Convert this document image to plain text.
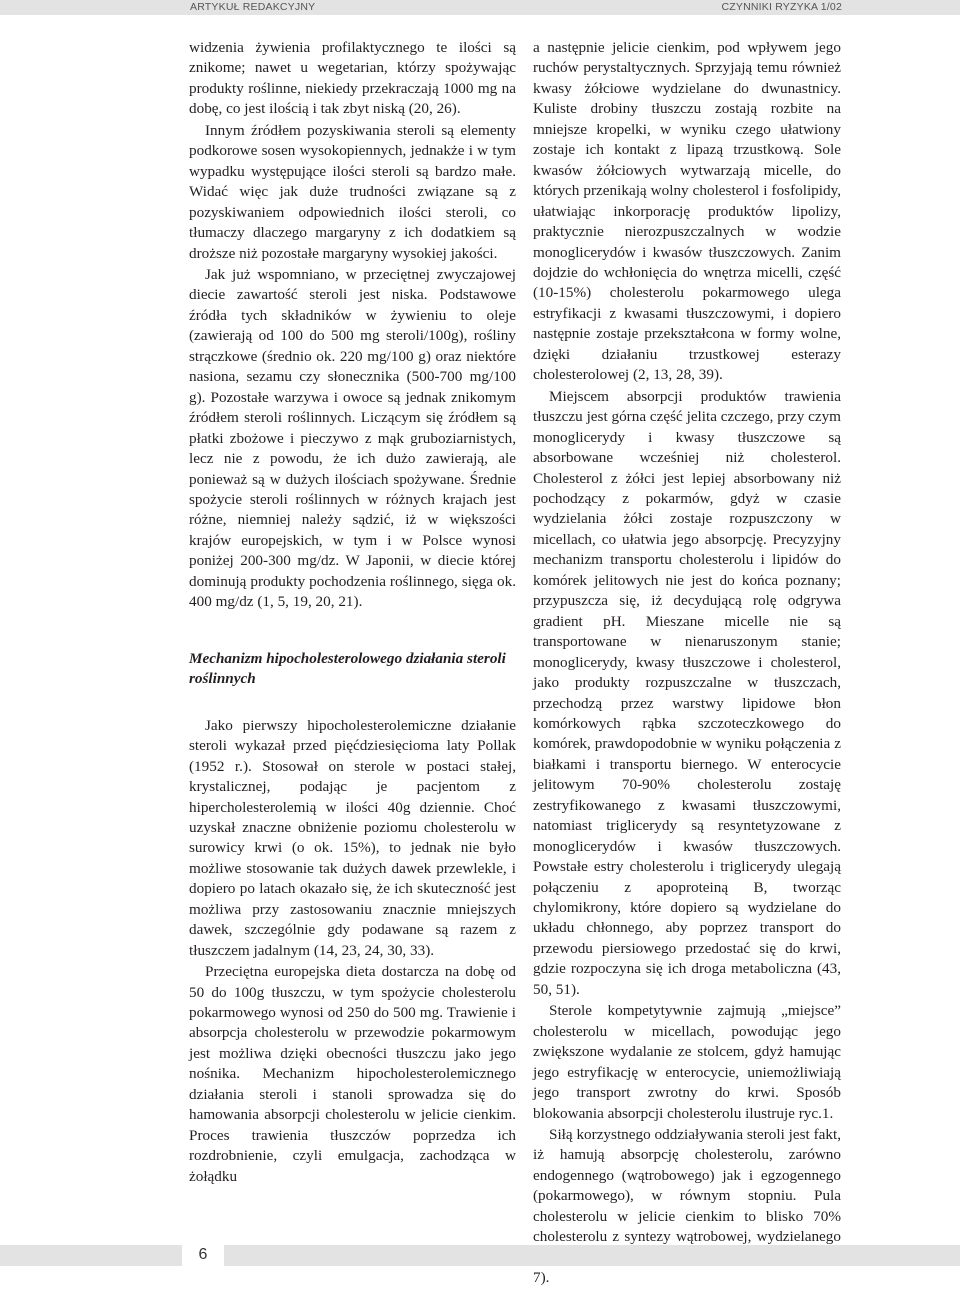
ARTYKUŁ REDAKCYJNY	CZYNNIKI RYZYKA 1/02

widzenia żywienia profilaktycznego te ilości są znikome; nawet u wegetarian, którzy spożywając produkty roślinne, niekiedy przekraczają 1000 mg na dobę, co jest ilością i tak zbyt niską (20, 26).

Innym źródłem pozyskiwania steroli są elementy podkorowe sosen wysokopiennych, jednakże i w tym wypadku występujące ilości steroli są bardzo małe. Widać więc jak duże trudności związane są z pozyskiwaniem odpowiednich ilości steroli, co tłumaczy dlaczego margaryny z ich dodatkiem są droższe niż pozostałe margaryny wysokiej jakości.

Jak już wspomniano, w przeciętnej zwyczajowej diecie zawartość steroli jest niska. Podstawowe źródła tych składników w żywieniu to oleje (zawierają od 100 do 500 mg steroli/100g), rośliny strączkowe (średnio ok. 220 mg/100 g) oraz niektóre nasiona, sezamu czy słonecznika (500-700 mg/100 g). Pozostałe warzywa i owoce są jednak znikomym źródłem steroli roślinnych. Liczącym się źródłem są płatki zbożowe i pieczywo z mąk gruboziarnistych, lecz nie z powodu, że ich dużo zawierają, ale ponieważ są w dużych ilościach spożywane. Średnie spożycie steroli roślinnych w różnych krajach jest różne, niemniej należy sądzić, iż w większości krajów europejskich, w tym i w Polsce wynosi poniżej 200-300 mg/dz. W Japonii, w diecie której dominują produkty pochodzenia roślinnego, sięga ok. 400 mg/dz (1, 5, 19, 20, 21).

Mechanizm hipocholesterolowego działania steroli roślinnych

Jako pierwszy hipocholesterolemiczne działanie steroli wykazał przed pięćdziesięcioma laty Pollak (1952 r.). Stosował on sterole w postaci stałej, krystalicznej, podając je pacjentom z hipercholesterolemią w ilości 40g dziennie. Choć uzyskał znaczne obniżenie poziomu cholesterolu w surowicy krwi (o ok. 15%), to jednak nie było możliwe stosowanie tak dużych dawek przewlekle, i dopiero po latach okazało się, że ich skuteczność jest możliwa przy zastosowaniu znacznie mniejszych dawek, szczególnie gdy podawane są razem z tłuszczem jadalnym (14, 23, 24, 30, 33).

Przeciętna europejska dieta dostarcza na dobę od 50 do 100g tłuszczu, w tym spożycie cholesterolu pokarmowego wynosi od 250 do 500 mg. Trawienie i absorpcja cholesterolu w przewodzie pokarmowym jest możliwa dzięki obecności tłuszczu jako jego nośnika. Mechanizm hipocholesterolemicznego działania steroli i stanoli sprowadza się do hamowania absorpcji cholesterolu w jelicie cienkim. Proces trawienia tłuszczów poprzedza ich rozdrobnienie, czyli emulgacja, zachodząca w żołądku

a następnie jelicie cienkim, pod wpływem jego ruchów perystaltycznych. Sprzyjają temu również kwasy żółciowe wydzielane do dwunastnicy. Kuliste drobiny tłuszczu zostają rozbite na mniejsze kropelki, w wyniku czego ułatwiony zostaje ich kontakt z lipazą trzustkową. Sole kwasów żółciowych wytwarzają micelle, do których przenikają wolny cholesterol i fosfolipidy, ułatwiając inkorporację produktów lipolizy, praktycznie nierozpuszczalnych w wodzie monoglicerydów i kwasów tłuszczowych. Zanim dojdzie do wchłonięcia do wnętrza micelli, część (10-15%) cholesterolu pokarmowego ulega estryfikacji z kwasami tłuszczowymi, i dopiero następnie zostaje przekształcona w formy wolne, dzięki działaniu trzustkowej esterazy cholesterolowej (2, 13, 28, 39).

Miejscem absorpcji produktów trawienia tłuszczu jest górna część jelita czczego, przy czym monoglicerydy i kwasy tłuszczowe są absorbowane wcześniej niż cholesterol. Cholesterol z żółci jest lepiej absorbowany niż pochodzący z pokarmów, gdyż w czasie wydzielania żółci zostaje rozpuszczony w micellach, co ułatwia jego absorpcję. Precyzyjny mechanizm transportu cholesterolu i lipidów do komórek jelitowych nie jest do końca poznany; przypuszcza się, iż decydującą rolę odgrywa gradient pH. Mieszane micelle nie są transportowane w nienaruszonym stanie; monoglicerydy, kwasy tłuszczowe i cholesterol, jako produkty rozpuszczalne w tłuszczach, przechodzą przez warstwy lipidowe błon komórkowych rąbka szczoteczkowego do komórek, prawdopodobnie w wyniku połączenia z białkami i transportu biernego. W enterocycie jelitowym 70-90% cholesterolu zostaję zestryfikowanego z kwasami tłuszczowymi, natomiast triglicerydy są resyntetyzowane z monoglicerydów i kwasów tłuszczowych. Powstałe estry cholesterolu i triglicerydy ulegają połączeniu z apoproteiną B, tworząc chylomikrony, które dopiero są wydzielane do układu chłonnego, aby poprzez transport do przewodu piersiowego przedostać się do krwi, gdzie rozpoczyna się ich droga metaboliczna (43, 50, 51).

Sterole kompetytywnie zajmują „miejsce” cholesterolu w micellach, powodując jego zwiększone wydalanie ze stolcem, gdyż hamując jego estryfikację w enterocycie, uniemożliwiają jego transport zwrotny do krwi. Sposób blokowania absorpcji cholesterolu ilustruje ryc.1.

Siłą korzystnego oddziaływania steroli jest fakt, iż hamują absorpcję cholesterolu, zarówno endogennego (wątrobowego) jak i egzogennego (pokarmowego), w równym stopniu. Pula cholesterolu w jelicie cienkim to blisko 70% cholesterolu z syntezy wątrobowej, wydzielanego 7).

6
